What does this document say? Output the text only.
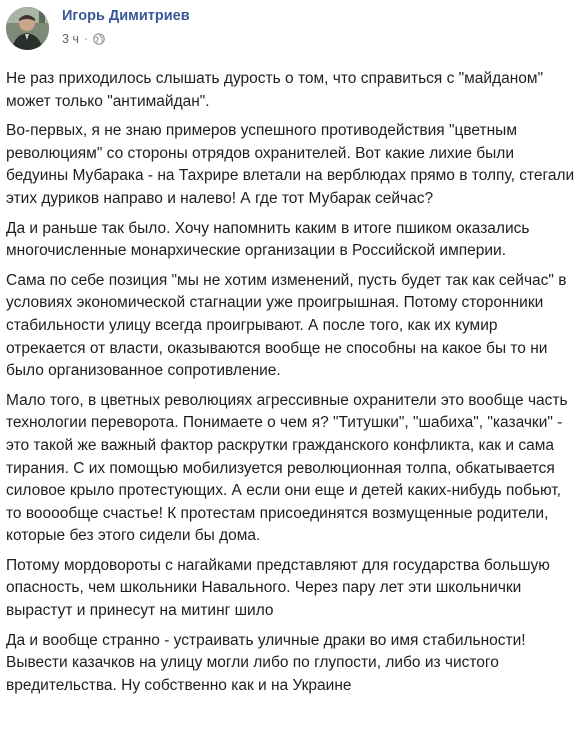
Игорь Димитриев
3 ч ·

Не раз приходилось слышать дурость о том, что справиться с "майданом" может только "антимайдан".

Во-первых, я не знаю примеров успешного противодействия "цветным революциям" со стороны отрядов охранителей. Вот какие лихие были бедуины Мубарака - на Тахрире влетали на верблюдах прямо в толпу, стегали этих дуриков направо и налево! А где тот Мубарак сейчас?

Да и раньше так было. Хочу напомнить каким в итоге пшиком оказались многочисленные монархические организации в Российской империи.

Сама по себе позиция "мы не хотим изменений, пусть будет так как сейчас" в условиях экономической стагнации уже проигрышная. Потому сторонники стабильности улицу всегда проигрывают. А после того, как их кумир отрекается от власти, оказываются вообще не способны на какое бы то ни было организованное сопротивление.

Мало того, в цветных революциях агрессивные охранители это вообще часть технологии переворота. Понимаете о чем я? "Титушки", "шабиха", "казачки" - это такой же важный фактор раскрутки гражданского конфликта, как и сама тирания. С их помощью мобилизуется революционная толпа, обкатывается силовое крыло протестующих. А если они еще и детей каких-нибудь побьют, то вооообще счастье! К протестам присоединятся возмущенные родители, которые без этого сидели бы дома.

Потому мордовороты с нагайками представляют для государства большую опасность, чем школьники Навального. Через пару лет эти школьнички вырастут и принесут на митинг шило

Да и вообще странно - устраивать уличные драки во имя стабильности! Вывести казачков на улицу могли либо по глупости, либо из чистого вредительства. Ну собственно как и на Украине
